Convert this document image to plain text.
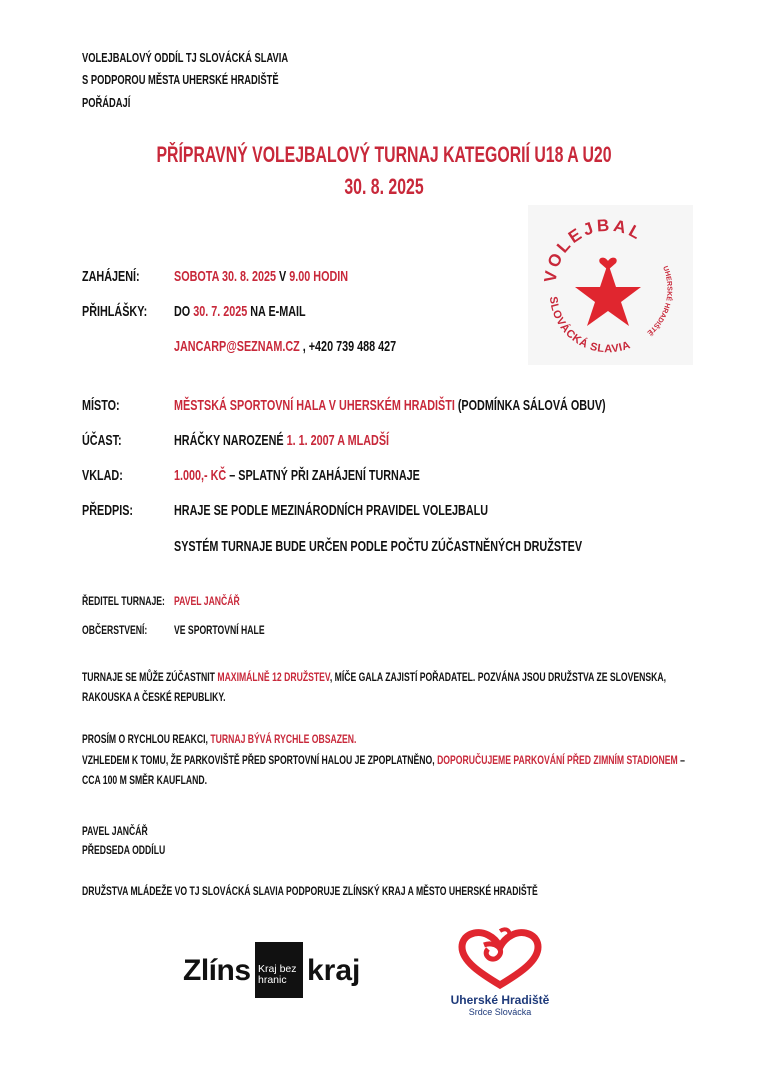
VOLEJBALOVÝ ODDÍL TJ SLOVÁCKÁ SLAVIA
S PODPOROU MĚSTA UHERSKÉ HRADIŠTĚ
POŘÁDAJÍ
PŘÍPRAVNÝ VOLEJBALOVÝ TURNAJ KATEGORIÍ U18 A U20
30. 8. 2025
VOLEJBAL
SLOVÁCKÁ SLAVIA
UHERSKÉ HRADIŠTĚ
ZAHÁJENÍ: SOBOTA 30. 8. 2025 V 9.00 HODIN
PŘIHLÁŠKY: DO 30. 7. 2025 NA E-MAIL
JANCARP@SEZNAM.CZ , +420 739 488 427
MÍSTO:	MĚSTSKÁ SPORTOVNÍ HALA V UHERSKÉM HRADIŠTI (PODMÍNKA SÁLOVÁ OBUV)
ÚČAST:	HRÁČKY NAROZENÉ 1. 1. 2007 A MLADŠÍ
VKLAD:	1.000,- KČ – SPLATNÝ PŘI ZAHÁJENÍ TURNAJE
PŘEDPIS:	HRAJE SE PODLE MEZINÁRODNÍCH PRAVIDEL VOLEJBALU
SYSTÉM TURNAJE BUDE URČEN PODLE POČTU ZÚČASTNĚNÝCH DRUŽSTEV
ŘEDITEL TURNAJE: PAVEL JANČÁŘ
OBČERSTVENÍ: VE SPORTOVNÍ HALE
TURNAJE SE MŮŽE ZÚČASTNIT MAXIMÁLNĚ 12 DRUŽSTEV, MÍČE GALA ZAJISTÍ POŘADATEL. POZVÁNA JSOU DRUŽSTVA ZE SLOVENSKA,
RAKOUSKA A ČESKÉ REPUBLIKY.
PROSÍM O RYCHLOU REAKCI, TURNAJ BÝVÁ RYCHLE OBSAZEN.
VZHLEDEM K TOMU, ŽE PARKOVIŠTĚ PŘED SPORTOVNÍ HALOU JE ZPOPLATNĚNO, DOPORUČUJEME PARKOVÁNÍ PŘED ZIMNÍM STADIONEM –
CCA 100 M SMĚR KAUFLAND.
PAVEL JANČÁŘ
PŘEDSEDA ODDÍLU
DRUŽSTVA MLÁDEŽE VO TJ SLOVÁCKÁ SLAVIA PODPORUJE ZLÍNSKÝ KRAJ A MĚSTO UHERSKÉ HRADIŠTĚ
Zlíns Kraj bez hranic kraj
Uherské Hradiště
Srdce Slovácka
